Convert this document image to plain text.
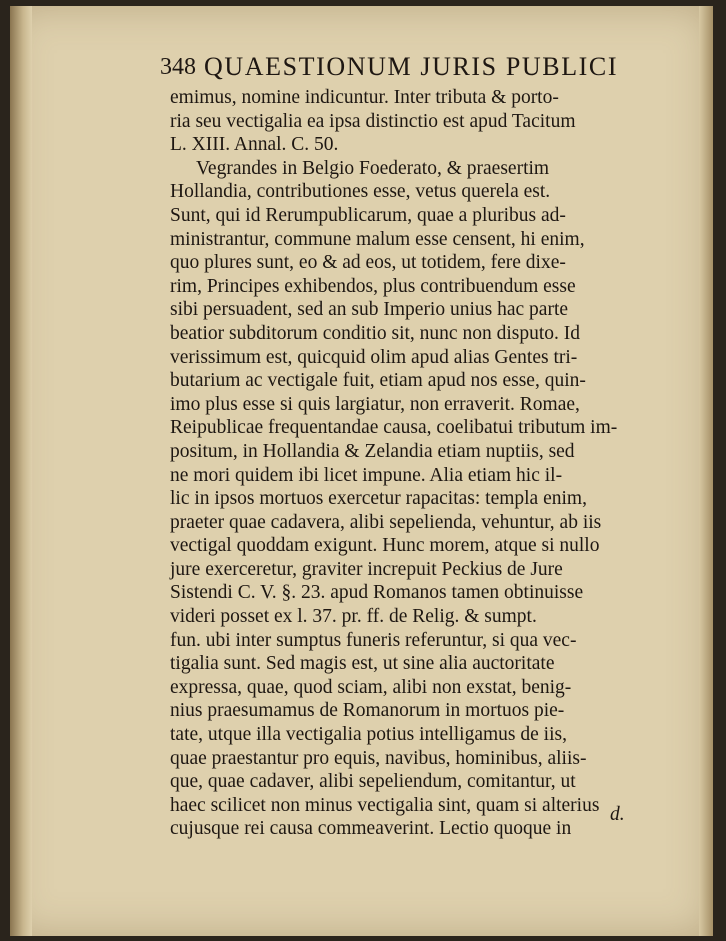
348 QUAESTIONUM JURIS PUBLICI
emimus, nomine indicuntur. Inter tributa & porto-
ria seu vectigalia ea ipsa distinctio est apud Tacitum
L. XIII. Annal. C. 50.
Vegrandes in Belgio Foederato, & praesertim
Hollandia, contributiones esse, vetus querela est.
Sunt, qui id Rerumpublicarum, quae a pluribus ad-
ministrantur, commune malum esse censent, hi enim,
quo plures sunt, eo & ad eos, ut totidem, fere dixe-
rim, Principes exhibendos, plus contribuendum esse
sibi persuadent, sed an sub Imperio unius hac parte
beatior subditorum conditio sit, nunc non disputo. Id
verissimum est, quicquid olim apud alias Gentes tri-
butarium ac vectigale fuit, etiam apud nos esse, quin-
imo plus esse si quis largiatur, non erraverit. Romae,
Reipublicae frequentandae causa, coelibatui tributum im-
positum, in Hollandia & Zelandia etiam nuptiis, sed
ne mori quidem ibi licet impune. Alia etiam hic il-
lic in ipsos mortuos exercetur rapacitas: templa enim,
praeter quae cadavera, alibi sepelienda, vehuntur, ab iis
vectigal quoddam exigunt. Hunc morem, atque si nullo
jure exerceretur, graviter increpuit Peckius de Jure
Sistendi C. V. §. 23. apud Romanos tamen obtinuisse
videri posset ex l. 37. pr. ff. de Relig. & sumpt.
fun. ubi inter sumptus funeris referuntur, si qua vec-
tigalia sunt. Sed magis est, ut sine alia auctoritate
expressa, quae, quod sciam, alibi non exstat, benig-
nius praesumamus de Romanorum in mortuos pie-
tate, utque illa vectigalia potius intelligamus de iis,
quae praestantur pro equis, navibus, hominibus, aliis-
que, quae cadaver, alibi sepeliendum, comitantur, ut
haec scilicet non minus vectigalia sint, quam si alterius
cujusque rei causa commeaverint. Lectio quoque in
d.
